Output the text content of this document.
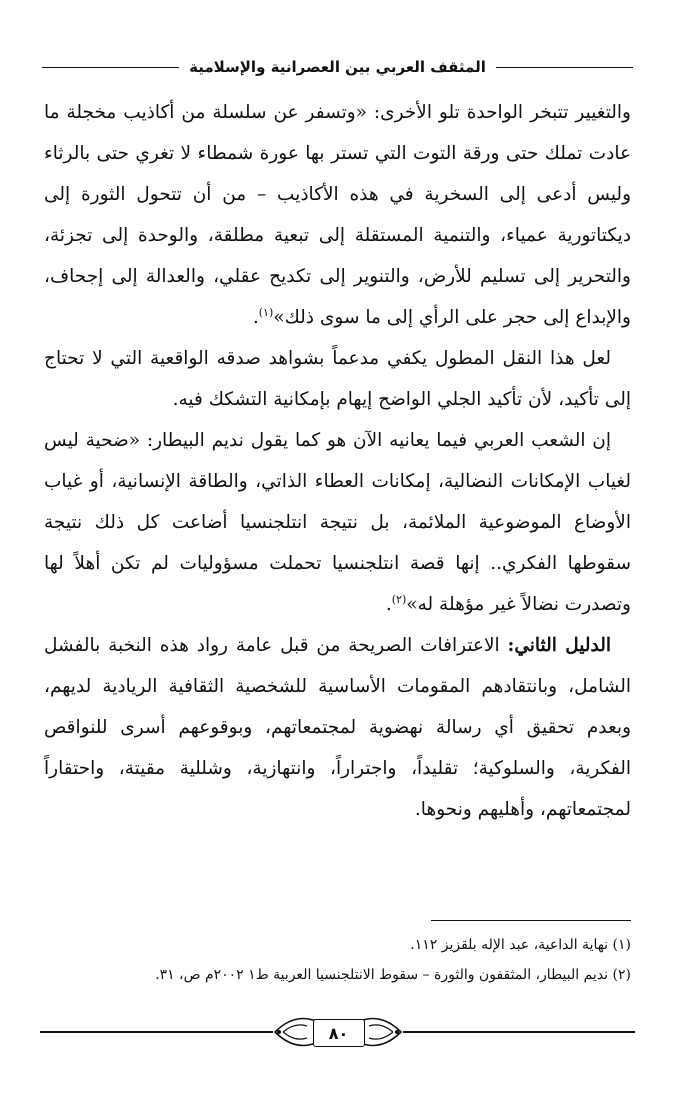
المثقف العربي بين العصرانية والإسلامية

والتغيير تتبخر الواحدة تلو الأخرى: «وتسفر عن سلسلة من أكاذيب مخجلة ما عادت تملك حتى ورقة التوت التي تستر بها عورة شمطاء لا تغري حتى بالرثاء وليس أدعى إلى السخرية في هذه الأكاذيب – من أن تتحول الثورة إلى ديكتاتورية عمياء، والتنمية المستقلة إلى تبعية مطلقة، والوحدة إلى تجزئة، والتحرير إلى تسليم للأرض، والتنوير إلى تكديح عقلي، والعدالة إلى إجحاف، والإبداع إلى حجر على الرأي إلى ما سوى ذلك»$^{(١)}$.

لعل هذا النقل المطول يكفي مدعماً بشواهد صدقه الواقعية التي لا تحتاج إلى تأكيد، لأن تأكيد الجلي الواضح إيهام بإمكانية التشكك فيه.

إن الشعب العربي فيما يعانيه الآن هو كما يقول نديم البيطار: «ضحية ليس لغياب الإمكانات النضالية، إمكانات العطاء الذاتي، والطاقة الإنسانية، أو غياب الأوضاع الموضوعية الملائمة، بل نتيجة انتلجنسيا أضاعت كل ذلك نتيجة سقوطها الفكري.. إنها قصة انتلجنسيا تحملت مسؤوليات لم تكن أهلاً لها وتصدرت نضالاً غير مؤهلة له»$^{(٢)}$.

الدليل الثاني: الاعترافات الصريحة من قبل عامة رواد هذه النخبة بالفشل الشامل، وبانتقادهم المقومات الأساسية للشخصية الثقافية الريادية لديهم، وبعدم تحقيق أي رسالة نهضوية لمجتمعاتهم، وبوقوعهم أسرى للنواقص الفكرية، والسلوكية؛ تقليداً، واجتراراً، وانتهازية، وشللية مقيتة، واحتقاراً لمجتمعاتهم، وأهليهم ونحوها.

(١) نهاية الداعية، عبد الإله بلقزيز ١١٢.

(٢) نديم البيطار، المثقفون والثورة – سقوط الانتلجنسيا العربية ط١ ٢٠٠٢م ص، ٣١.

٨٠
